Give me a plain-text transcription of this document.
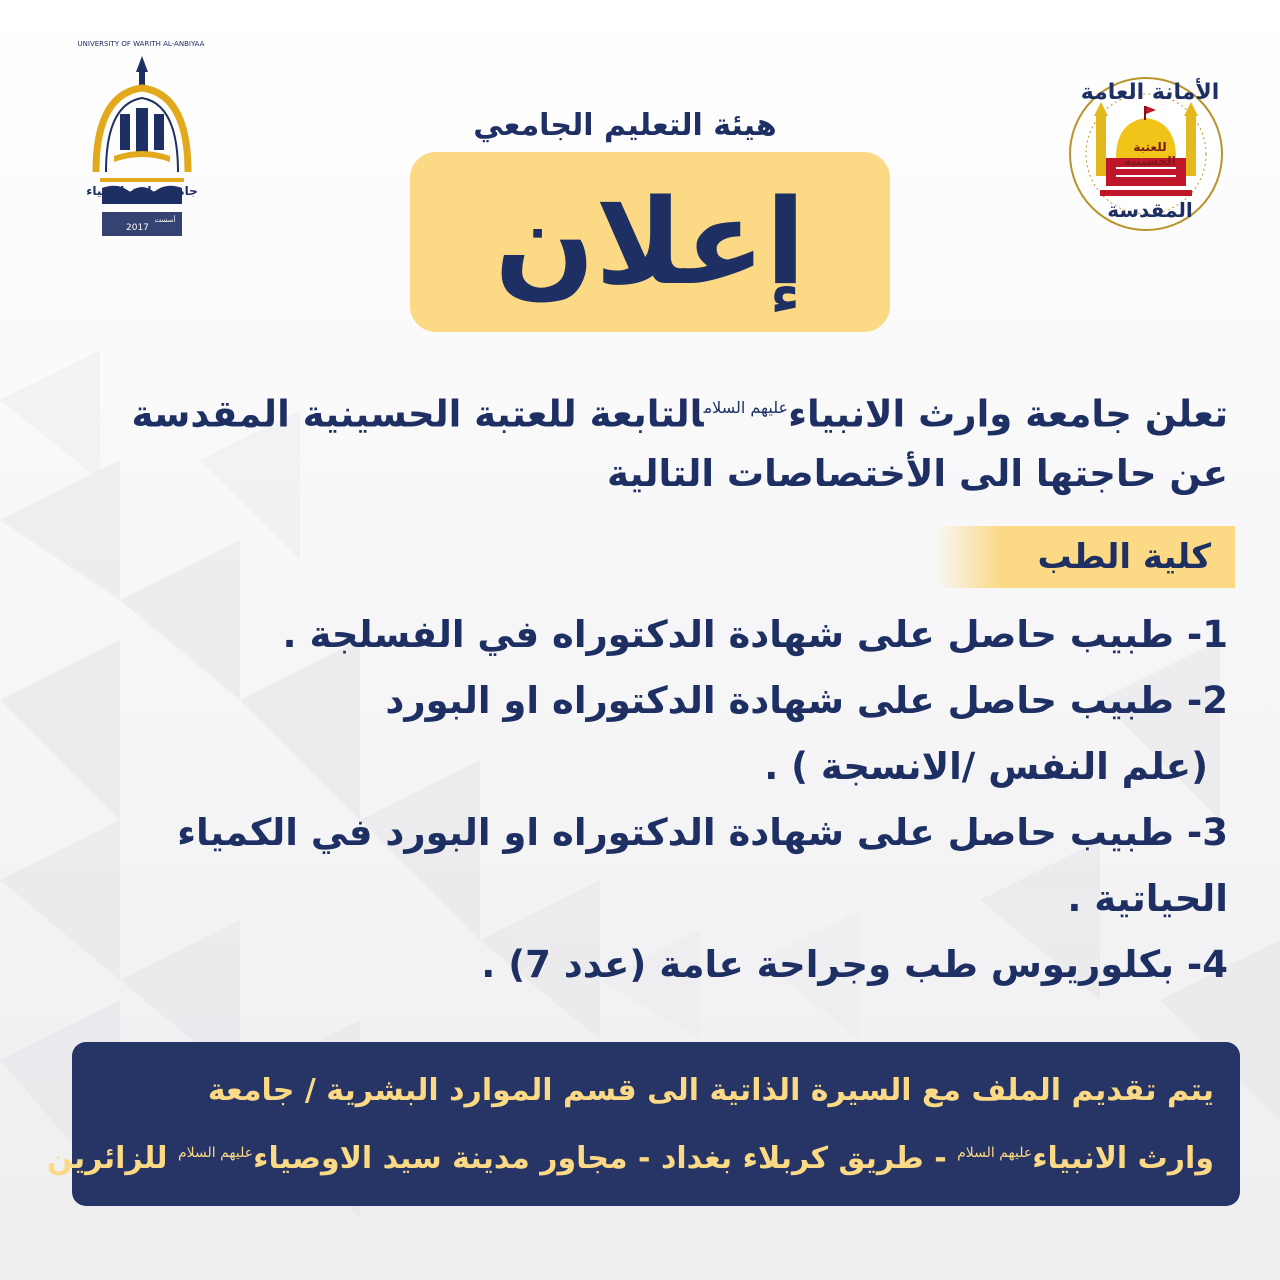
2017
الأمانة العامة
المقدسة
للعتبة الحسينية
جامعة وارث الانبياء
UNIVERSITY OF WARITH AL-ANBIYAA
أسست
هيئة التعليم الجامعي
إعلان
تعلن جامعة وارث الانبياء$^{عليهم السلام}$التابعة للعتبة الحسينية المقدسة
عن حاجتها الى الأختصاصات التالية
كلية الطب
1- طبيب حاصل على شهادة الدكتوراه في الفسلجة .
2- طبيب حاصل على شهادة الدكتوراه او البورد
(علم النفس /الانسجة ) .
3- طبيب حاصل على شهادة الدكتوراه او البورد في الكمياء
الحياتية .
4- بكلوريوس طب وجراحة عامة (عدد 7) .
يتم تقديم الملف مع السيرة الذاتية الى قسم الموارد البشرية / جامعة
وارث الانبياء$^{عليهم السلام}$ - طريق كربلاء بغداد - مجاور مدينة سيد الاوصياء$^{عليهم السلام}$ للزائرين
